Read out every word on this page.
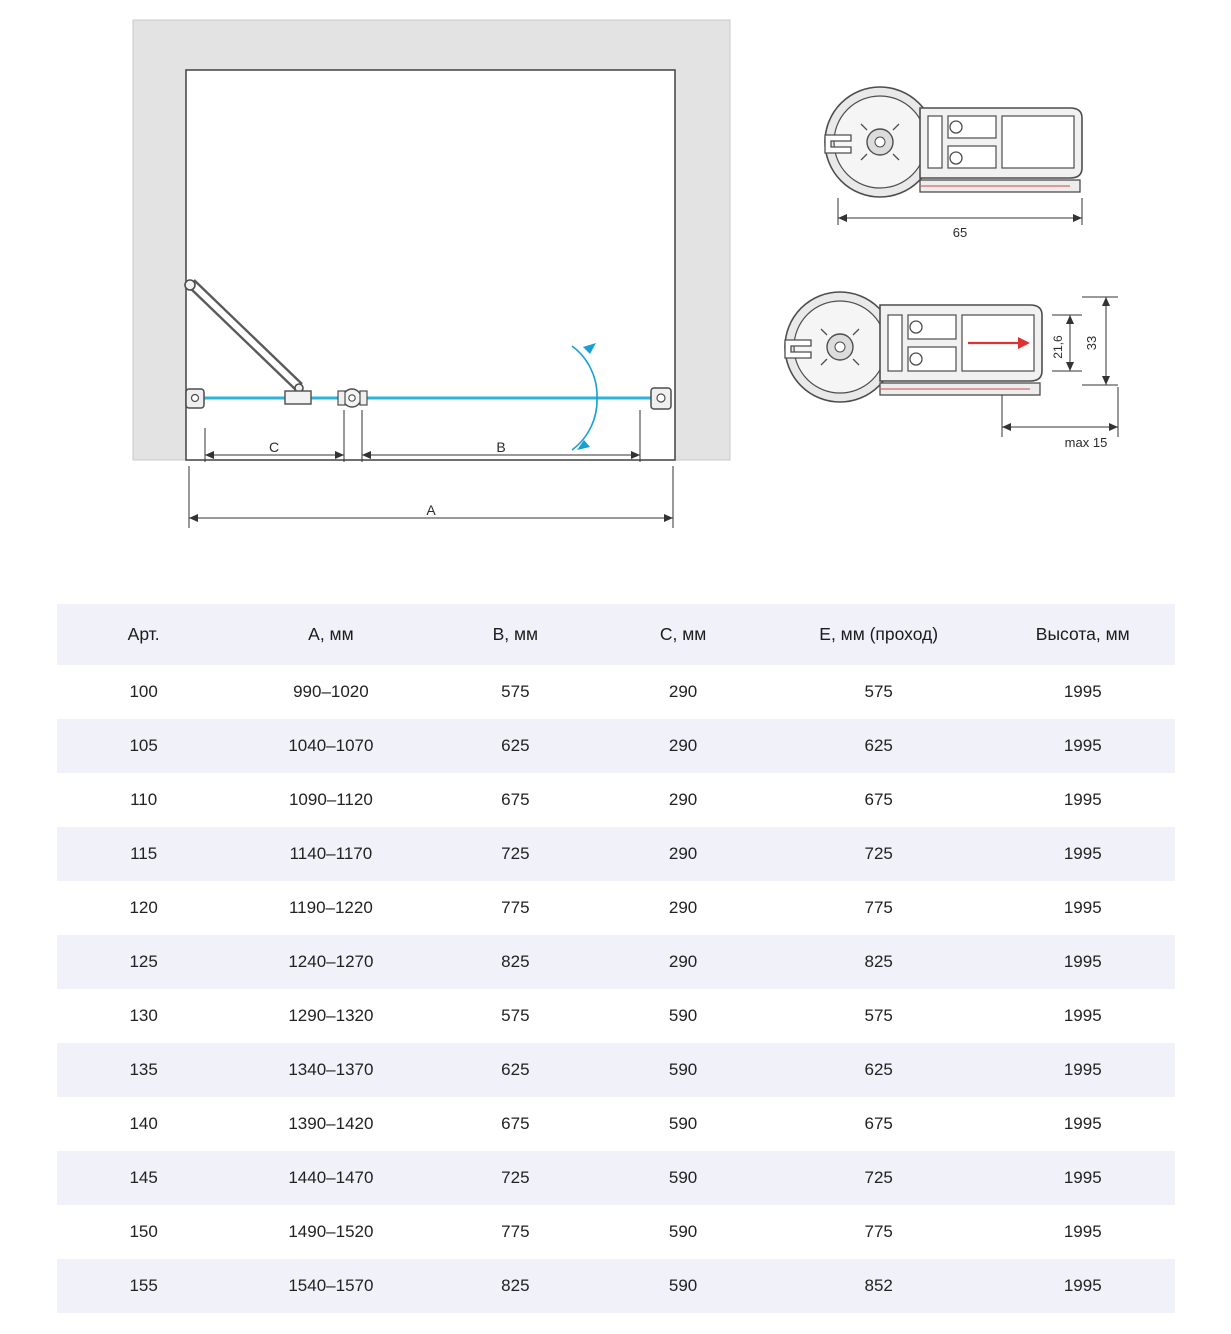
C	B
A
65
21,6 33
max 15
Арт.	A, мм	B, мм	C, мм	E, мм (проход)	Высота, мм
100	990–1020	575	290	575	1995
105	1040–1070	625	290	625	1995
110	1090–1120	675	290	675	1995
115	1140–1170	725	290	725	1995
120	1190–1220	775	290	775	1995
125	1240–1270	825	290	825	1995
130	1290–1320	575	590	575	1995
135	1340–1370	625	590	625	1995
140	1390–1420	675	590	675	1995
145	1440–1470	725	590	725	1995
150	1490–1520	775	590	775	1995
155	1540–1570	825	590	852	1995
